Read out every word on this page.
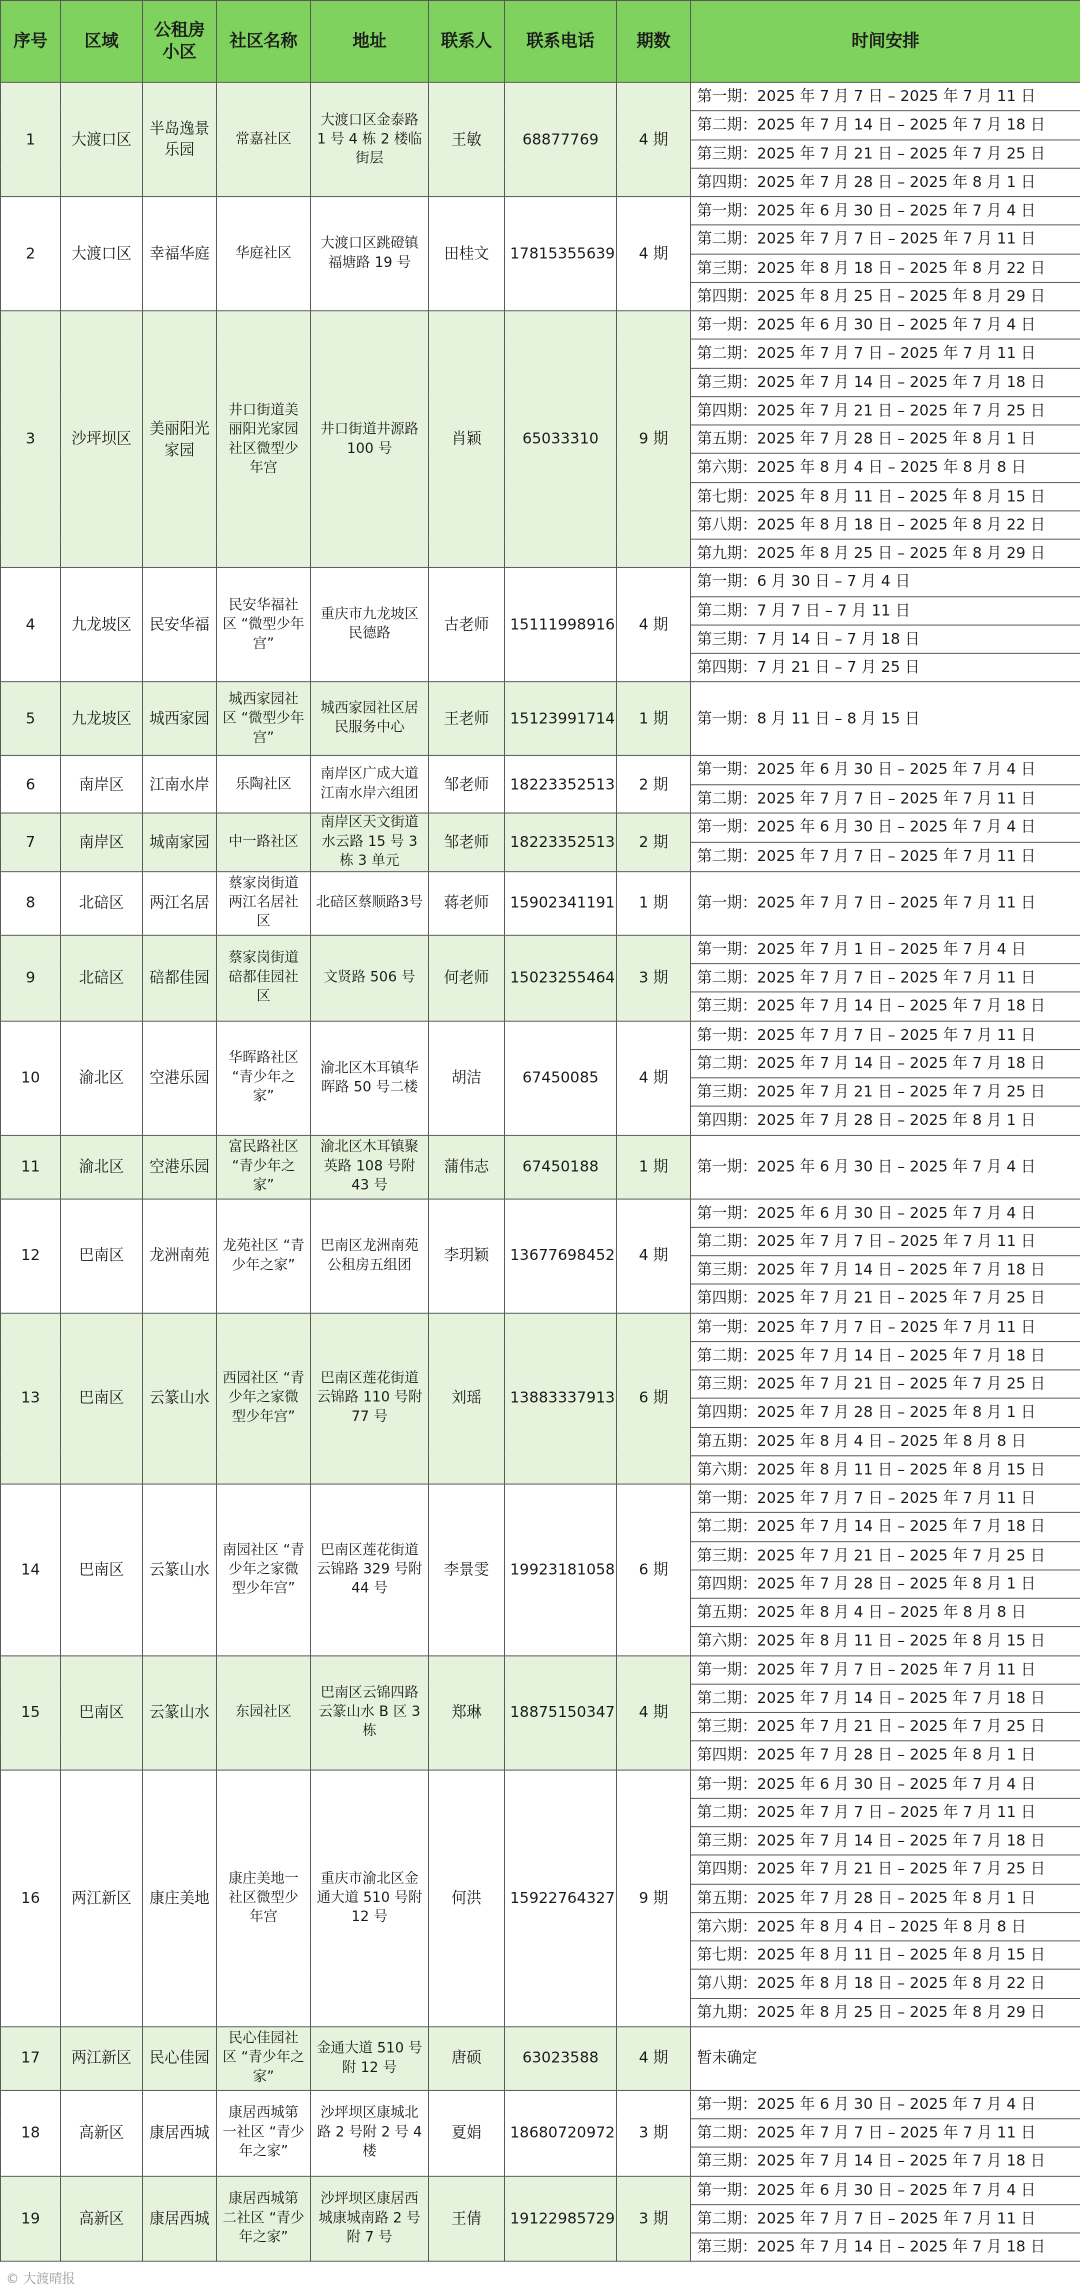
序号	区域	公租房小区	社区名称	地址	联系人	联系电话	期数	时间安排
1	大渡口区	半岛逸景乐园	常嘉社区	大渡口区金泰路 1 号 4 栋 2 楼临街层	王敏	68877769	4 期	第一期：2025 年 7 月 7 日 – 2025 年 7 月 11 日
								第二期：2025 年 7 月 14 日 – 2025 年 7 月 18 日
								第三期：2025 年 7 月 21 日 – 2025 年 7 月 25 日
								第四期：2025 年 7 月 28 日 – 2025 年 8 月 1 日
2	大渡口区	幸福华庭	华庭社区	大渡口区跳磴镇福塘路 19 号	田桂文	17815355639	4 期	第一期：2025 年 6 月 30 日 – 2025 年 7 月 4 日
								第二期：2025 年 7 月 7 日 – 2025 年 7 月 11 日
								第三期：2025 年 8 月 18 日 – 2025 年 8 月 22 日
								第四期：2025 年 8 月 25 日 – 2025 年 8 月 29 日
3	沙坪坝区	美丽阳光家园	井口街道美丽阳光家园社区微型少年宫	井口街道井源路 100 号	肖颖	65033310	9 期	第一期：2025 年 6 月 30 日 – 2025 年 7 月 4 日
								第二期：2025 年 7 月 7 日 – 2025 年 7 月 11 日
								第三期：2025 年 7 月 14 日 – 2025 年 7 月 18 日
								第四期：2025 年 7 月 21 日 – 2025 年 7 月 25 日
								第五期：2025 年 7 月 28 日 – 2025 年 8 月 1 日
								第六期：2025 年 8 月 4 日 – 2025 年 8 月 8 日
								第七期：2025 年 8 月 11 日 – 2025 年 8 月 15 日
								第八期：2025 年 8 月 18 日 – 2025 年 8 月 22 日
								第九期：2025 年 8 月 25 日 – 2025 年 8 月 29 日
4	九龙坡区	民安华福	民安华福社区 “微型少年宫”	重庆市九龙坡区民德路	古老师	15111998916	4 期	第一期：6 月 30 日 – 7 月 4 日
								第二期：7 月 7 日 – 7 月 11 日
								第三期：7 月 14 日 – 7 月 18 日
								第四期：7 月 21 日 – 7 月 25 日
5	九龙坡区	城西家园	城西家园社区 “微型少年宫”	城西家园社区居民服务中心	王老师	15123991714	1 期	第一期：8 月 11 日 – 8 月 15 日
6	南岸区	江南水岸	乐陶社区	南岸区广成大道江南水岸六组团	邹老师	18223352513	2 期	第一期：2025 年 6 月 30 日 – 2025 年 7 月 4 日
								第二期：2025 年 7 月 7 日 – 2025 年 7 月 11 日
7	南岸区	城南家园	中一路社区	南岸区天文街道水云路 15 号 3 栋 3 单元	邹老师	18223352513	2 期	第一期：2025 年 6 月 30 日 – 2025 年 7 月 4 日
								第二期：2025 年 7 月 7 日 – 2025 年 7 月 11 日
8	北碚区	两江名居	蔡家岗街道两江名居社区	北碚区蔡顺路3号	蒋老师	15902341191	1 期	第一期：2025 年 7 月 7 日 – 2025 年 7 月 11 日
9	北碚区	碚都佳园	蔡家岗街道碚都佳园社区	文贤路 506 号	何老师	15023255464	3 期	第一期：2025 年 7 月 1 日 – 2025 年 7 月 4 日
								第二期：2025 年 7 月 7 日 – 2025 年 7 月 11 日
								第三期：2025 年 7 月 14 日 – 2025 年 7 月 18 日
10	渝北区	空港乐园	华晖路社区 “青少年之家”	渝北区木耳镇华晖路 50 号二楼	胡洁	67450085	4 期	第一期：2025 年 7 月 7 日 – 2025 年 7 月 11 日
								第二期：2025 年 7 月 14 日 – 2025 年 7 月 18 日
								第三期：2025 年 7 月 21 日 – 2025 年 7 月 25 日
								第四期：2025 年 7 月 28 日 – 2025 年 8 月 1 日
11	渝北区	空港乐园	富民路社区 “青少年之家”	渝北区木耳镇聚英路 108 号附 43 号	蒲伟志	67450188	1 期	第一期：2025 年 6 月 30 日 – 2025 年 7 月 4 日
12	巴南区	龙洲南苑	龙苑社区 “青少年之家”	巴南区龙洲南苑公租房五组团	李玥颖	13677698452	4 期	第一期：2025 年 6 月 30 日 – 2025 年 7 月 4 日
								第二期：2025 年 7 月 7 日 – 2025 年 7 月 11 日
								第三期：2025 年 7 月 14 日 – 2025 年 7 月 18 日
								第四期：2025 年 7 月 21 日 – 2025 年 7 月 25 日
13	巴南区	云篆山水	西园社区 “青少年之家微型少年宫”	巴南区莲花街道云锦路 110 号附 77 号	刘瑶	13883337913	6 期	第一期：2025 年 7 月 7 日 – 2025 年 7 月 11 日
								第二期：2025 年 7 月 14 日 – 2025 年 7 月 18 日
								第三期：2025 年 7 月 21 日 – 2025 年 7 月 25 日
								第四期：2025 年 7 月 28 日 – 2025 年 8 月 1 日
								第五期：2025 年 8 月 4 日 – 2025 年 8 月 8 日
								第六期：2025 年 8 月 11 日 – 2025 年 8 月 15 日
14	巴南区	云篆山水	南园社区 “青少年之家微型少年宫”	巴南区莲花街道云锦路 329 号附 44 号	李景雯	19923181058	6 期	第一期：2025 年 7 月 7 日 – 2025 年 7 月 11 日
								第二期：2025 年 7 月 14 日 – 2025 年 7 月 18 日
								第三期：2025 年 7 月 21 日 – 2025 年 7 月 25 日
								第四期：2025 年 7 月 28 日 – 2025 年 8 月 1 日
								第五期：2025 年 8 月 4 日 – 2025 年 8 月 8 日
								第六期：2025 年 8 月 11 日 – 2025 年 8 月 15 日
15	巴南区	云篆山水	东园社区	巴南区云锦四路云篆山水 B 区 3 栋	郑琳	18875150347	4 期	第一期：2025 年 7 月 7 日 – 2025 年 7 月 11 日
								第二期：2025 年 7 月 14 日 – 2025 年 7 月 18 日
								第三期：2025 年 7 月 21 日 – 2025 年 7 月 25 日
								第四期：2025 年 7 月 28 日 – 2025 年 8 月 1 日
16	两江新区	康庄美地	康庄美地一社区微型少年宫	重庆市渝北区金通大道 510 号附 12 号	何洪	15922764327	9 期	第一期：2025 年 6 月 30 日 – 2025 年 7 月 4 日
								第二期：2025 年 7 月 7 日 – 2025 年 7 月 11 日
								第三期：2025 年 7 月 14 日 – 2025 年 7 月 18 日
								第四期：2025 年 7 月 21 日 – 2025 年 7 月 25 日
								第五期：2025 年 7 月 28 日 – 2025 年 8 月 1 日
								第六期：2025 年 8 月 4 日 – 2025 年 8 月 8 日
								第七期：2025 年 8 月 11 日 – 2025 年 8 月 15 日
								第八期：2025 年 8 月 18 日 – 2025 年 8 月 22 日
								第九期：2025 年 8 月 25 日 – 2025 年 8 月 29 日
17	两江新区	民心佳园	民心佳园社区 “青少年之家”	金通大道 510 号附 12 号	唐硕	63023588	4 期	暂未确定
18	高新区	康居西城	康居西城第一社区 “青少年之家”	沙坪坝区康城北路 2 号附 2 号 4 楼	夏娟	18680720972	3 期	第一期：2025 年 6 月 30 日 – 2025 年 7 月 4 日
								第二期：2025 年 7 月 7 日 – 2025 年 7 月 11 日
								第三期：2025 年 7 月 14 日 – 2025 年 7 月 18 日
19	高新区	康居西城	康居西城第二社区 “青少年之家”	沙坪坝区康居西城康城南路 2 号附 7 号	王倩	19122985729	3 期	第一期：2025 年 6 月 30 日 – 2025 年 7 月 4 日
								第二期：2025 年 7 月 7 日 – 2025 年 7 月 11 日
								第三期：2025 年 7 月 14 日 – 2025 年 7 月 18 日
© 大渡晴报
